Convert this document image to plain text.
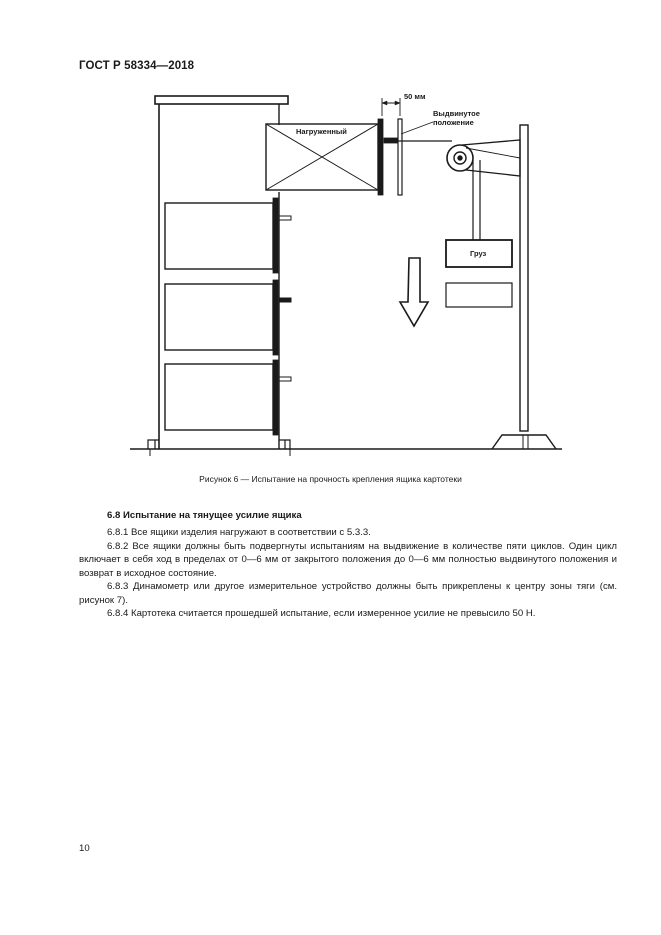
ГОСТ Р 58334—2018
Нагруженный
50 мм
Выдвинутое
положение
Груз
Рисунок 6 — Испытание на прочность крепления ящика картотеки
6.8 Испытание на тянущее усилие ящика

6.8.1 Все ящики изделия нагружают в соответствии с 5.3.3.

6.8.2 Все ящики должны быть подвергнуты испытаниям на выдвижение в количестве пяти циклов. Один цикл включает в себя ход в пределах от 0—6 мм от закрытого положения до 0—6 мм полностью выдвинутого положения и возврат в исходное состояние.

6.8.3 Динамометр или другое измерительное устройство должны быть прикреплены к центру зоны тяги (см. рисунок 7).

6.8.4 Картотека считается прошедшей испытание, если измеренное усилие не превысило 50 Н.

10
